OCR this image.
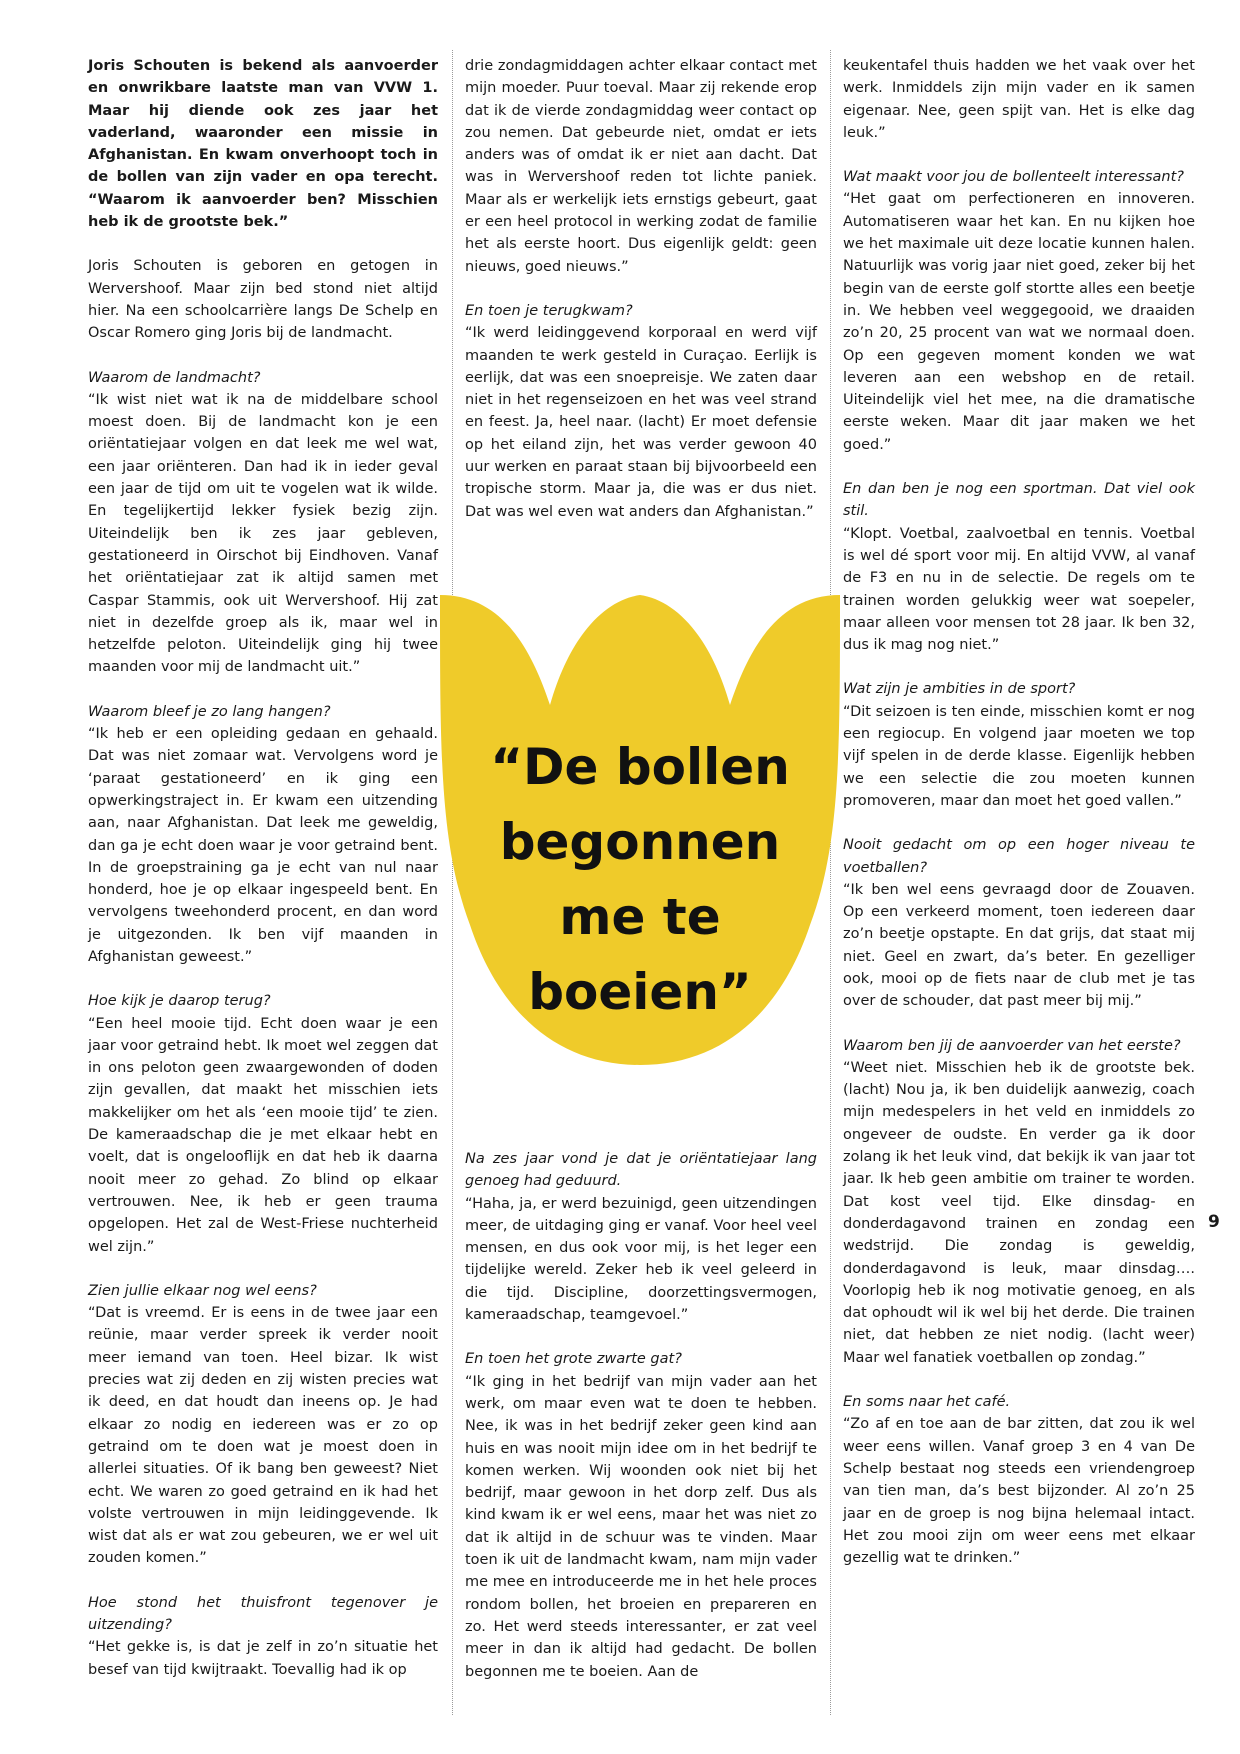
Joris Schouten is bekend als aanvoerder en onwrikbare laatste man van VVW 1. Maar hij diende ook zes jaar het vaderland, waaronder een missie in Afghanistan. En kwam onverhoopt toch in de bollen van zijn vader en opa terecht. “Waarom ik aanvoerder ben? Misschien heb ik de grootste bek.”

Joris Schouten is geboren en getogen in Wervershoof. Maar zijn bed stond niet altijd hier. Na een schoolcarrière langs De Schelp en Oscar Romero ging Joris bij de landmacht.

Waarom de landmacht?
“Ik wist niet wat ik na de middelbare school moest doen. Bij de landmacht kon je een oriëntatiejaar volgen en dat leek me wel wat, een jaar oriënteren. Dan had ik in ieder geval een jaar de tijd om uit te vogelen wat ik wilde. En tegelijkertijd lekker fysiek bezig zijn. Uiteindelijk ben ik zes jaar gebleven, gestationeerd in Oirschot bij Eindhoven. Vanaf het oriëntatiejaar zat ik altijd samen met Caspar Stammis, ook uit Wervershoof. Hij zat niet in dezelfde groep als ik, maar wel in hetzelfde peloton. Uiteindelijk ging hij twee maanden voor mij de landmacht uit.”

Waarom bleef je zo lang hangen?
“Ik heb er een opleiding gedaan en gehaald. Dat was niet zomaar wat. Vervolgens word je ‘paraat gestationeerd’ en ik ging een opwerkingstraject in. Er kwam een uitzending aan, naar Afghanistan. Dat leek me geweldig, dan ga je echt doen waar je voor getraind bent. In de groepstraining ga je echt van nul naar honderd, hoe je op elkaar ingespeeld bent. En vervolgens tweehonderd procent, en dan word je uitgezonden. Ik ben vijf maanden in Afghanistan geweest.”

Hoe kijk je daarop terug?
“Een heel mooie tijd. Echt doen waar je een jaar voor getraind hebt. Ik moet wel zeggen dat in ons peloton geen zwaargewonden of doden zijn gevallen, dat maakt het misschien iets makkelijker om het als ‘een mooie tijd’ te zien. De kameraadschap die je met elkaar hebt en voelt, dat is ongelooflijk en dat heb ik daarna nooit meer zo gehad. Zo blind op elkaar vertrouwen. Nee, ik heb er geen trauma opgelopen. Het zal de West-Friese nuchterheid wel zijn.”

Zien jullie elkaar nog wel eens?
“Dat is vreemd. Er is eens in de twee jaar een reünie, maar verder spreek ik verder nooit meer iemand van toen. Heel bizar. Ik wist precies wat zij deden en zij wisten precies wat ik deed, en dat houdt dan ineens op. Je had elkaar zo nodig en iedereen was er zo op getraind om te doen wat je moest doen in allerlei situaties. Of ik bang ben geweest? Niet echt. We waren zo goed getraind en ik had het volste vertrouwen in mijn leidinggevende. Ik wist dat als er wat zou gebeuren, we er wel uit zouden komen.”

Hoe stond het thuisfront tegenover je uitzending?
“Het gekke is, is dat je zelf in zo’n situatie het besef van tijd kwijtraakt. Toevallig had ik op

drie zondagmiddagen achter elkaar contact met mijn moeder. Puur toeval. Maar zij rekende erop dat ik de vierde zondagmiddag weer contact op zou nemen. Dat gebeurde niet, omdat er iets anders was of omdat ik er niet aan dacht. Dat was in Wervershoof reden tot lichte paniek. Maar als er werkelijk iets ernstigs gebeurt, gaat er een heel protocol in werking zodat de familie het als eerste hoort. Dus eigenlijk geldt: geen nieuws, goed nieuws.”

En toen je terugkwam?
“Ik werd leidinggevend korporaal en werd vijf maanden te werk gesteld in Curaçao. Eerlijk is eerlijk, dat was een snoepreisje. We zaten daar niet in het regenseizoen en het was veel strand en feest. Ja, heel naar. (lacht) Er moet defensie op het eiland zijn, het was verder gewoon 40 uur werken en paraat staan bij bijvoorbeeld een tropische storm. Maar ja, die was er dus niet. Dat was wel even wat anders dan Afghanistan.”

“De bollen begonnen me te boeien”

Na zes jaar vond je dat je oriëntatiejaar lang genoeg had geduurd.
“Haha, ja, er werd bezuinigd, geen uitzendingen meer, de uitdaging ging er vanaf. Voor heel veel mensen, en dus ook voor mij, is het leger een tijdelijke wereld. Zeker heb ik veel geleerd in die tijd. Discipline, doorzettingsvermogen, kameraadschap, teamgevoel.”

En toen het grote zwarte gat?
“Ik ging in het bedrijf van mijn vader aan het werk, om maar even wat te doen te hebben. Nee, ik was in het bedrijf zeker geen kind aan huis en was nooit mijn idee om in het bedrijf te komen werken. Wij woonden ook niet bij het bedrijf, maar gewoon in het dorp zelf. Dus als kind kwam ik er wel eens, maar het was niet zo dat ik altijd in de schuur was te vinden. Maar toen ik uit de landmacht kwam, nam mijn vader me mee en introduceerde me in het hele proces rondom bollen, het broeien en prepareren en zo. Het werd steeds interessanter, er zat veel meer in dan ik altijd had gedacht. De bollen begonnen me te boeien. Aan de

keukentafel thuis hadden we het vaak over het werk. Inmiddels zijn mijn vader en ik samen eigenaar. Nee, geen spijt van. Het is elke dag leuk.”

Wat maakt voor jou de bollenteelt interessant?
“Het gaat om perfectioneren en innoveren. Automatiseren waar het kan. En nu kijken hoe we het maximale uit deze locatie kunnen halen. Natuurlijk was vorig jaar niet goed, zeker bij het begin van de eerste golf stortte alles een beetje in. We hebben veel weggegooid, we draaiden zo’n 20, 25 procent van wat we normaal doen. Op een gegeven moment konden we wat leveren aan een webshop en de retail. Uiteindelijk viel het mee, na die dramatische eerste weken. Maar dit jaar maken we het goed.”

En dan ben je nog een sportman. Dat viel ook stil.
“Klopt. Voetbal, zaalvoetbal en tennis. Voetbal is wel dé sport voor mij. En altijd VVW, al vanaf de F3 en nu in de selectie. De regels om te trainen worden gelukkig weer wat soepeler, maar alleen voor mensen tot 28 jaar. Ik ben 32, dus ik mag nog niet.”

Wat zijn je ambities in de sport?
“Dit seizoen is ten einde, misschien komt er nog een regiocup. En volgend jaar moeten we top vijf spelen in de derde klasse. Eigenlijk hebben we een selectie die zou moeten kunnen promoveren, maar dan moet het goed vallen.”

Nooit gedacht om op een hoger niveau te voetballen?
“Ik ben wel eens gevraagd door de Zouaven. Op een verkeerd moment, toen iedereen daar zo’n beetje opstapte. En dat grijs, dat staat mij niet. Geel en zwart, da’s beter. En gezelliger ook, mooi op de fiets naar de club met je tas over de schouder, dat past meer bij mij.”

Waarom ben jij de aanvoerder van het eerste?
“Weet niet. Misschien heb ik de grootste bek. (lacht) Nou ja, ik ben duidelijk aanwezig, coach mijn medespelers in het veld en inmiddels zo ongeveer de oudste. En verder ga ik door zolang ik het leuk vind, dat bekijk ik van jaar tot jaar. Ik heb geen ambitie om trainer te worden. Dat kost veel tijd. Elke dinsdag- en donderdagavond trainen en zondag een wedstrijd. Die zondag is geweldig, donderdagavond is leuk, maar dinsdag…. Voorlopig heb ik nog motivatie genoeg, en als dat ophoudt wil ik wel bij het derde. Die trainen niet, dat hebben ze niet nodig. (lacht weer) Maar wel fanatiek voetballen op zondag.”

En soms naar het café.
“Zo af en toe aan de bar zitten, dat zou ik wel weer eens willen. Vanaf groep 3 en 4 van De Schelp bestaat nog steeds een vriendengroep van tien man, da’s best bijzonder. Al zo’n 25 jaar en de groep is nog bijna helemaal intact. Het zou mooi zijn om weer eens met elkaar gezellig wat te drinken.”

9
